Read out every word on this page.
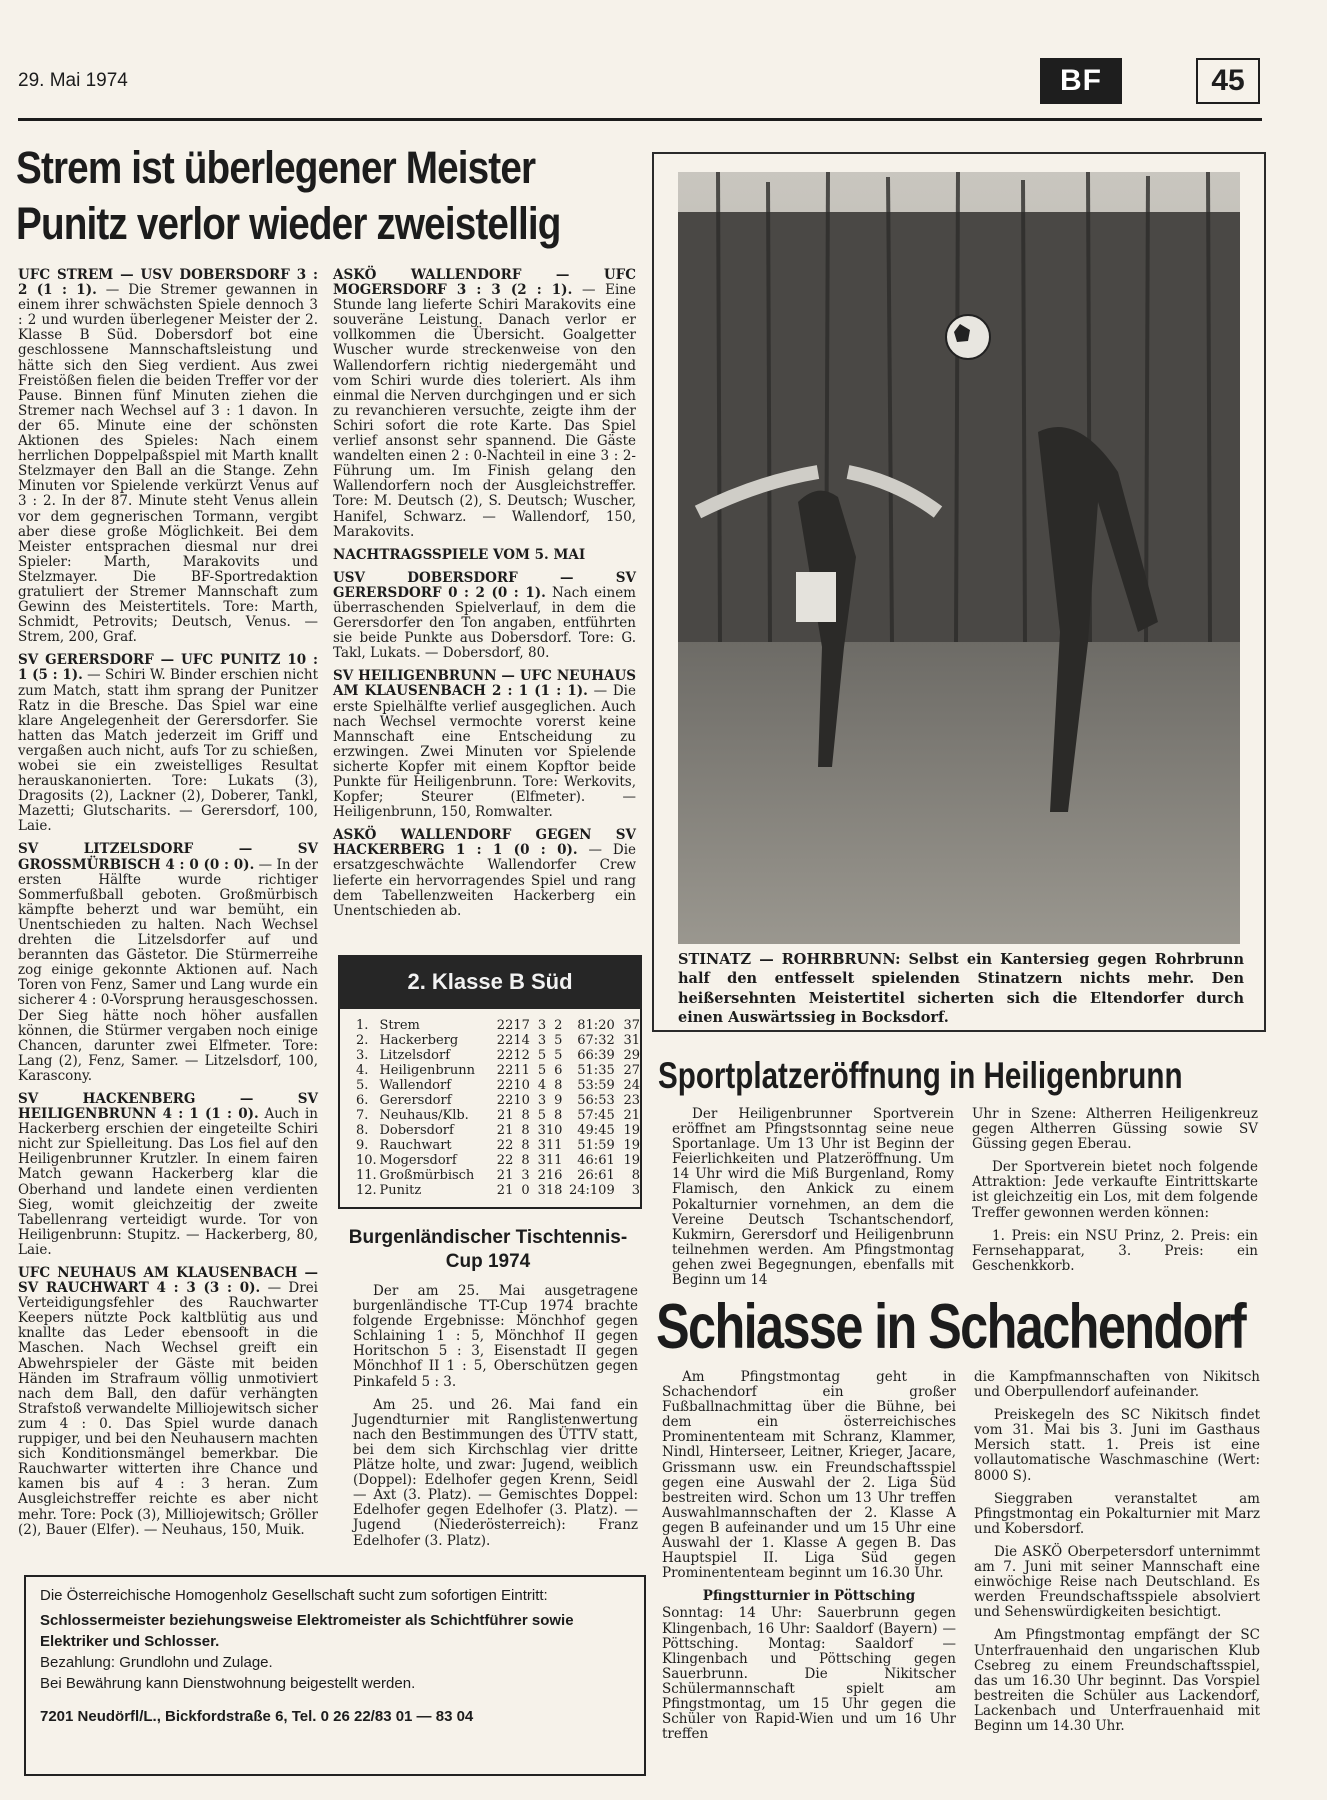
29. Mai 1974	BF	45
Strem ist überlegener Meister
Punitz verlor wieder zweistellig

UFC STREM — USV DOBERSDORF 3 : 2 (1 : 1). — Die Stremer gewannen in einem ihrer schwächsten Spiele dennoch 3 : 2 und wurden überlegener Meister der 2. Klasse B Süd. Dobersdorf bot eine geschlossene Mannschaftsleistung und hätte sich den Sieg verdient. Aus zwei Freistößen fielen die beiden Treffer vor der Pause. Binnen fünf Minuten ziehen die Stremer nach Wechsel auf 3 : 1 davon. In der 65. Minute eine der schönsten Aktionen des Spieles: Nach einem herrlichen Doppelpaßspiel mit Marth knallt Stelzmayer den Ball an die Stange. Zehn Minuten vor Spielende verkürzt Venus auf 3 : 2. In der 87. Minute steht Venus allein vor dem gegnerischen Tormann, vergibt aber diese große Möglichkeit. Bei dem Meister entsprachen diesmal nur drei Spieler: Marth, Marakovits und Stelzmayer. Die BF-Sportredaktion gratuliert der Stremer Mannschaft zum Gewinn des Meistertitels. Tore: Marth, Schmidt, Petrovits; Deutsch, Venus. — Strem, 200, Graf.

SV GERERSDORF — UFC PUNITZ 10 : 1 (5 : 1). — Schiri W. Binder erschien nicht zum Match, statt ihm sprang der Punitzer Ratz in die Bresche. Das Spiel war eine klare Angelegenheit der Gerersdorfer. Sie hatten das Match jederzeit im Griff und vergaßen auch nicht, aufs Tor zu schießen, wobei sie ein zweistelliges Resultat herauskanonierten. Tore: Lukats (3), Dragosits (2), Lackner (2), Doberer, Tankl, Mazetti; Glutscharits. — Gerersdorf, 100, Laie.

SV LITZELSDORF — SV GROSSMÜRBISCH 4 : 0 (0 : 0). — In der ersten Hälfte wurde richtiger Sommerfußball geboten. Großmürbisch kämpfte beherzt und war bemüht, ein Unentschieden zu halten. Nach Wechsel drehten die Litzelsdorfer auf und berannten das Gästetor. Die Stürmerreihe zog einige gekonnte Aktionen auf. Nach Toren von Fenz, Samer und Lang wurde ein sicherer 4 : 0-Vorsprung herausgeschossen. Der Sieg hätte noch höher ausfallen können, die Stürmer vergaben noch einige Chancen, darunter zwei Elfmeter. Tore: Lang (2), Fenz, Samer. — Litzelsdorf, 100, Karascony.

SV HACKENBERG — SV HEILIGENBRUNN 4 : 1 (1 : 0). Auch in Hackerberg erschien der eingeteilte Schiri nicht zur Spielleitung. Das Los fiel auf den Heiligenbrunner Krutzler. In einem fairen Match gewann Hackerberg klar die Oberhand und landete einen verdienten Sieg, womit gleichzeitig der zweite Tabellenrang verteidigt wurde. Tor von Heiligenbrunn: Stupitz. — Hackerberg, 80, Laie.

UFC NEUHAUS AM KLAUSENBACH — SV RAUCHWART 4 : 3 (3 : 0). — Drei Verteidigungsfehler des Rauchwarter Keepers nützte Pock kaltblütig aus und knallte das Leder ebensooft in die Maschen. Nach Wechsel greift ein Abwehrspieler der Gäste mit beiden Händen im Strafraum völlig unmotiviert nach dem Ball, den dafür verhängten Strafstoß verwandelte Milliojewitsch sicher zum 4 : 0. Das Spiel wurde danach ruppiger, und bei den Neuhausern machten sich Konditionsmängel bemerkbar. Die Rauchwarter witterten ihre Chance und kamen bis auf 4 : 3 heran. Zum Ausgleichstreffer reichte es aber nicht mehr. Tore: Pock (3), Milliojewitsch; Gröller (2), Bauer (Elfer). — Neuhaus, 150, Muik.

ASKÖ WALLENDORF — UFC MOGERSDORF 3 : 3 (2 : 1). — Eine Stunde lang lieferte Schiri Marakovits eine souveräne Leistung. Danach verlor er vollkommen die Übersicht. Goalgetter Wuscher wurde streckenweise von den Wallendorfern richtig niedergemäht und vom Schiri wurde dies toleriert. Als ihm einmal die Nerven durchgingen und er sich zu revanchieren versuchte, zeigte ihm der Schiri sofort die rote Karte. Das Spiel verlief ansonst sehr spannend. Die Gäste wandelten einen 2 : 0-Nachteil in eine 3 : 2-Führung um. Im Finish gelang den Wallendorfern noch der Ausgleichstreffer. Tore: M. Deutsch (2), S. Deutsch; Wuscher, Hanifel, Schwarz. — Wallendorf, 150, Marakovits.

NACHTRAGSSPIELE VOM 5. MAI

USV DOBERSDORF — SV GERERSDORF 0 : 2 (0 : 1). Nach einem überraschenden Spielverlauf, in dem die Gerersdorfer den Ton angaben, entführten sie beide Punkte aus Dobersdorf. Tore: G. Takl, Lukats. — Dobersdorf, 80.

SV HEILIGENBRUNN — UFC NEUHAUS AM KLAUSENBACH 2 : 1 (1 : 1). — Die erste Spielhälfte verlief ausgeglichen. Auch nach Wechsel vermochte vorerst keine Mannschaft eine Entscheidung zu erzwingen. Zwei Minuten vor Spielende sicherte Kopfer mit einem Kopftor beide Punkte für Heiligenbrunn. Tore: Werkovits, Kopfer; Steurer (Elfmeter). — Heiligenbrunn, 150, Romwalter.

ASKÖ WALLENDORF GEGEN SV HACKERBERG 1 : 1 (0 : 0). — Die ersatzgeschwächte Wallendorfer Crew lieferte ein hervorragendes Spiel und rang dem Tabellenzweiten Hackerberg ein Unentschieden ab.

2. Klasse B Süd
1. Strem	22 17 3 2	81:20 37
2. Hackerberg	22 14 3 5	67:32 31
3. Litzelsdorf	22 12 5 5	66:39 29
4. Heiligenbrunn	22 11 5 6	51:35 27
5. Wallendorf	22 10 4 8	53:59 24
6. Gerersdorf	22 10 3 9	56:53 23
7. Neuhaus/Klb.	21 8 5 8	57:45 21
8. Dobersdorf	21 8 3 10	49:45 19
9. Rauchwart	22 8 3 11	51:59 19
10. Mogersdorf	22 8 3 11	46:61 19
11. Großmürbisch	21 3 2 16	26:61	8
12. Punitz	21 0 3 18 24:109	3
Burgenländischer Tischtennis-
Cup 1974

Der am 25. Mai ausgetragene burgenländische TT-Cup 1974 brachte folgende Ergebnisse: Mönchhof gegen Schlaining 1 : 5, Mönchhof II gegen Horitschon 5 : 3, Eisenstadt II gegen Mönchhof II 1 : 5, Oberschützen gegen Pinkafeld 5 : 3.

Am 25. und 26. Mai fand ein Jugendturnier mit Ranglistenwertung nach den Bestimmungen des ÜTTV statt, bei dem sich Kirchschlag vier dritte Plätze holte, und zwar: Jugend, weiblich (Doppel): Edelhofer gegen Krenn, Seidl — Axt (3. Platz). — Gemischtes Doppel: Edelhofer gegen Edelhofer (3. Platz). — Jugend (Niederösterreich): Franz Edelhofer (3. Platz).

STINATZ — ROHRBRUNN: Selbst ein Kantersieg gegen Rohrbrunn half den entfesselt spielenden Stinatzern nichts mehr. Den heißersehnten Meistertitel sicherten sich die Eltendorfer durch einen Auswärtssieg in Bocksdorf.
Sportplatzeröffnung in Heiligenbrunn

Der Heiligenbrunner Sportverein eröffnet am Pfingstsonntag seine neue Sportanlage. Um 13 Uhr ist Beginn der Feierlichkeiten und Platzeröffnung. Um 14 Uhr wird die Miß Burgenland, Romy Flamisch, den Ankick zu einem Pokalturnier vornehmen, an dem die Vereine Deutsch Tschantschendorf, Kukmirn, Gerersdorf und Heiligenbrunn teilnehmen werden. Am Pfingstmontag gehen zwei Begegnungen, ebenfalls mit Beginn um 14

Uhr in Szene: Altherren Heiligenkreuz gegen Altherren Güssing sowie SV Güssing gegen Eberau.

Der Sportverein bietet noch folgende Attraktion: Jede verkaufte Eintrittskarte ist gleichzeitig ein Los, mit dem folgende Treffer gewonnen werden können:

1. Preis: ein NSU Prinz, 2. Preis: ein Fernsehapparat, 3. Preis: ein Geschenkkorb.

Schiasse in Schachendorf

Am Pfingstmontag geht in Schachendorf ein großer Fußballnachmittag über die Bühne, bei dem ein österreichisches Prominententeam mit Schranz, Klammer, Nindl, Hinterseer, Leitner, Krieger, Jacare, Grissmann usw. ein Freundschaftsspiel gegen eine Auswahl der 2. Liga Süd bestreiten wird. Schon um 13 Uhr treffen Auswahlmannschaften der 2. Klasse A gegen B aufeinander und um 15 Uhr eine Auswahl der 1. Klasse A gegen B. Das Hauptspiel II. Liga Süd gegen Prominententeam beginnt um 16.30 Uhr.

Pfingstturnier in Pöttsching

Sonntag: 14 Uhr: Sauerbrunn gegen Klingenbach, 16 Uhr: Saaldorf (Bayern) — Pöttsching. Montag: Saaldorf — Klingenbach und Pöttsching gegen Sauerbrunn. Die Nikitscher Schülermannschaft spielt am Pfingstmontag, um 15 Uhr gegen die Schüler von Rapid-Wien und um 16 Uhr treffen

die Kampfmannschaften von Nikitsch und Oberpullendorf aufeinander.

Preiskegeln des SC Nikitsch findet vom 31. Mai bis 3. Juni im Gasthaus Mersich statt. 1. Preis ist eine vollautomatische Waschmaschine (Wert: 8000 S).

Sieggraben veranstaltet am Pfingstmontag ein Pokalturnier mit Marz und Kobersdorf.

Die ASKÖ Oberpetersdorf unternimmt am 7. Juni mit seiner Mannschaft eine einwöchige Reise nach Deutschland. Es werden Freundschaftsspiele absolviert und Sehenswürdigkeiten besichtigt.

Am Pfingstmontag empfängt der SC Unterfrauenhaid den ungarischen Klub Csebreg zu einem Freundschaftsspiel, das um 16.30 Uhr beginnt. Das Vorspiel bestreiten die Schüler aus Lackendorf, Lackenbach und Unterfrauenhaid mit Beginn um 14.30 Uhr.

Die Österreichische Homogenholz Gesellschaft sucht zum sofortigen Eintritt:
Schlossermeister beziehungsweise Elektromeister als Schichtführer sowie Elektriker und Schlosser.
Bezahlung: Grundlohn und Zulage.
Bei Bewährung kann Dienstwohnung beigestellt werden.
7201 Neudörfl/L., Bickfordstraße 6, Tel. 0 26 22/83 01 — 83 04
